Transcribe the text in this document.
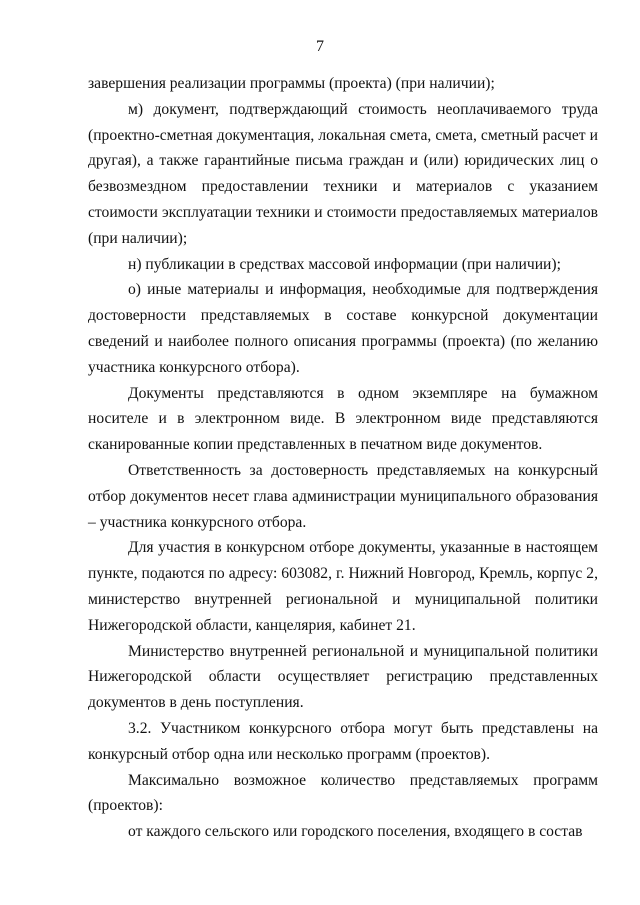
7

завершения реализации программы (проекта) (при наличии);

м) документ, подтверждающий стоимость неоплачиваемого труда (проектно-сметная документация, локальная смета, смета, сметный расчет и другая), а также гарантийные письма граждан и (или) юридических лиц о безвозмездном предоставлении техники и материалов с указанием стоимости эксплуатации техники и стоимости предоставляемых материалов (при наличии);

н) публикации в средствах массовой информации (при наличии);

о) иные материалы и информация, необходимые для подтверждения достоверности представляемых в составе конкурсной документации сведений и наиболее полного описания программы (проекта) (по желанию участника конкурсного отбора).

Документы представляются в одном экземпляре на бумажном носителе и в электронном виде. В электронном виде представляются сканированные копии представленных в печатном виде документов.

Ответственность за достоверность представляемых на конкурсный отбор документов несет глава администрации муниципального образования – участника конкурсного отбора.

Для участия в конкурсном отборе документы, указанные в настоящем пункте, подаются по адресу: 603082, г. Нижний Новгород, Кремль, корпус 2, министерство внутренней региональной и муниципальной политики Нижегородской области, канцелярия, кабинет 21.

Министерство внутренней региональной и муниципальной политики Нижегородской области осуществляет регистрацию представленных документов в день поступления.

3.2. Участником конкурсного отбора могут быть представлены на конкурсный отбор одна или несколько программ (проектов).

Максимально возможное количество представляемых программ (проектов):

от каждого сельского или городского поселения, входящего в состав
